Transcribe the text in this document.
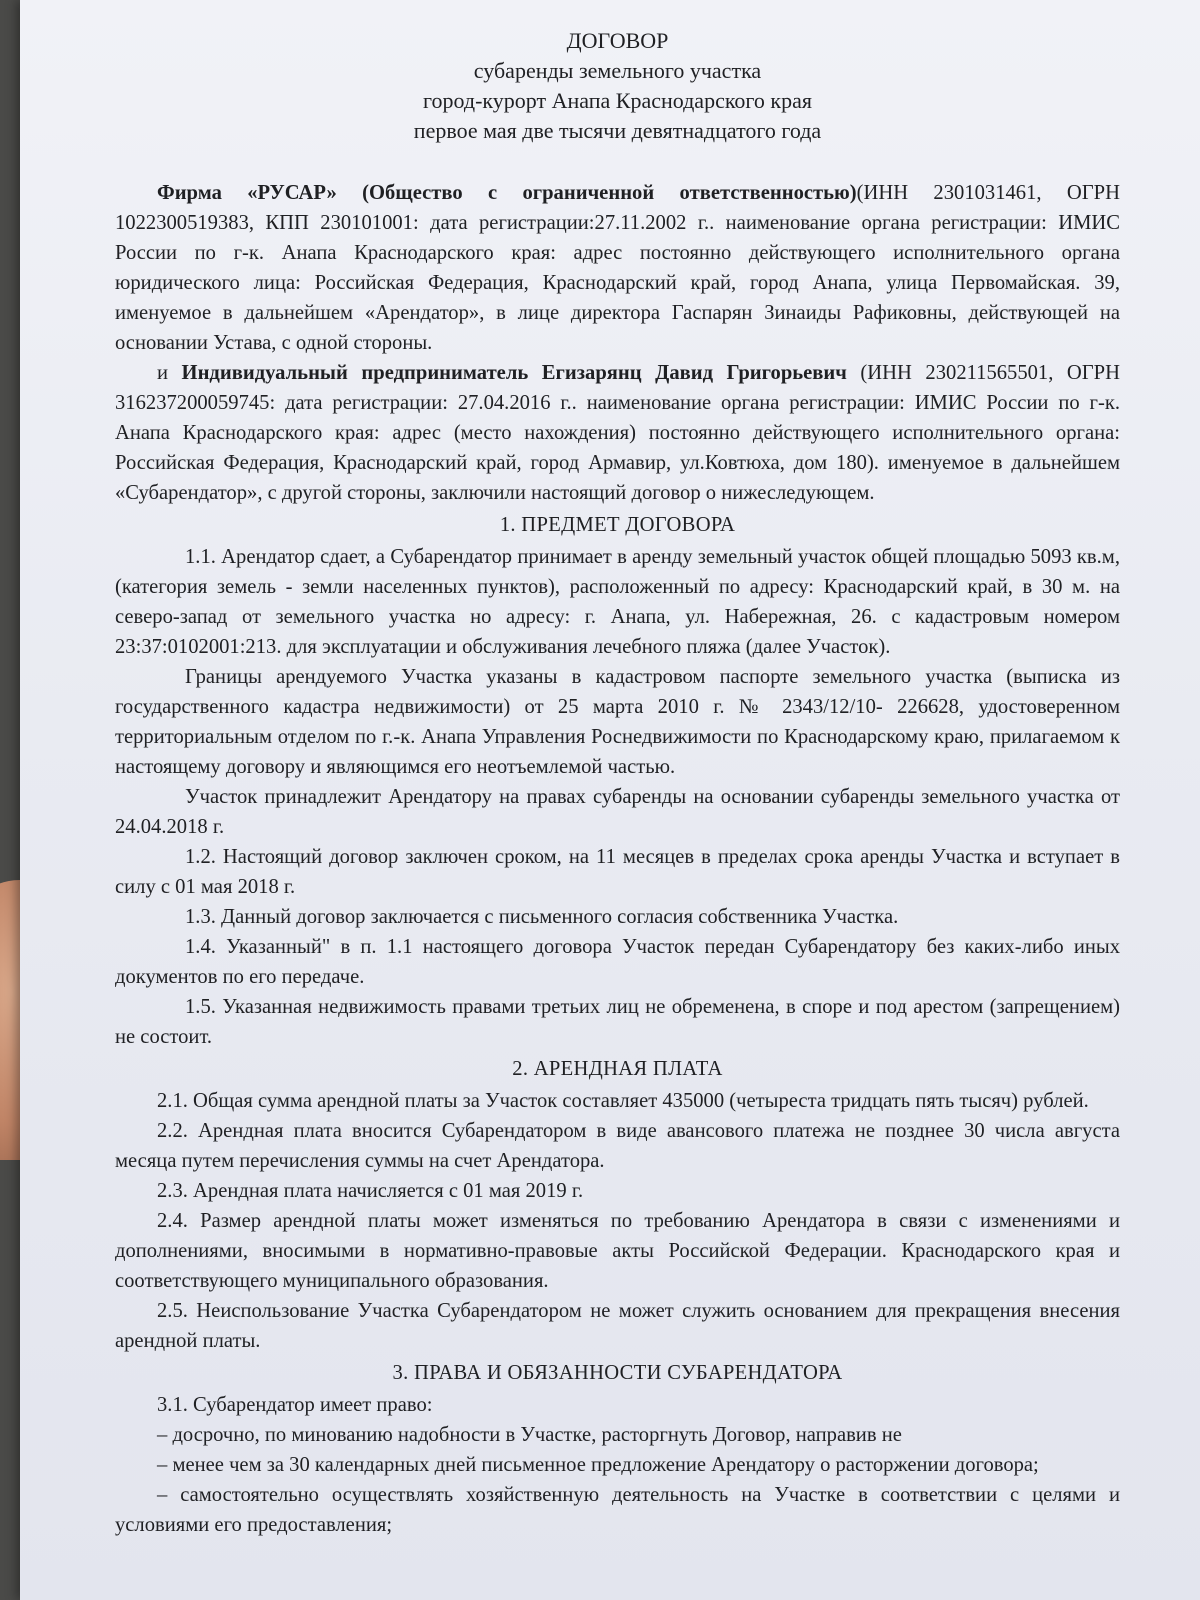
ДОГОВОР
субаренды земельного участка
город-курорт Анапа Краснодарского края
первое мая две тысячи девятнадцатого года

Фирма «РУСАР» (Общество с ограниченной ответственностью)(ИНН 2301031461, ОГРН 1022300519383, КПП 230101001: дата регистрации:27.11.2002 г.. наименование органа регистрации: ИМИС России по г-к. Анапа Краснодарского края: адрес постоянно действующего исполнительного органа юридического лица: Российская Федерация, Краснодарский край, город Анапа, улица Первомайская. 39, именуемое в дальнейшем «Арендатор», в лице директора Гаспарян Зинаиды Рафиковны, действующей на основании Устава, с одной стороны.

и Индивидуальный предприниматель Егизарянц Давид Григорьевич (ИНН 230211565501, ОГРН 316237200059745: дата регистрации: 27.04.2016 г.. наименование органа регистрации: ИМИС России по г-к. Анапа Краснодарского края: адрес (место нахождения) постоянно действующего исполнительного органа: Российская Федерация, Краснодарский край, город Армавир, ул.Ковтюха, дом 180). именуемое в дальнейшем «Субарендатор», с другой стороны, заключили настоящий договор о нижеследующем.

1. ПРЕДМЕТ ДОГОВОРА

1.1. Арендатор сдает, а Субарендатор принимает в аренду земельный участок общей площадью 5093 кв.м, (категория земель - земли населенных пунктов), расположенный по адресу: Краснодарский край, в 30 м. на северо-запад от земельного участка но адресу: г. Анапа, ул. Набережная, 26. с кадастровым номером 23:37:0102001:213. для эксплуатации и обслуживания лечебного пляжа (далее Участок).

Границы арендуемого Участка указаны в кадастровом паспорте земельного участка (выписка из государственного кадастра недвижимости) от 25 марта 2010 г. № 2343/12/10- 226628, удостоверенном территориальным отделом по г.-к. Анапа Управления Роснедвижимости по Краснодарскому краю, прилагаемом к настоящему договору и являющимся его неотъемлемой частью.

Участок принадлежит Арендатору на правах субаренды на основании субаренды земельного участка от 24.04.2018 г.

1.2. Настоящий договор заключен сроком, на 11 месяцев в пределах срока аренды Участка и вступает в силу с 01 мая 2018 г.

1.3. Данный договор заключается с письменного согласия собственника Участка.

1.4. Указанный" в п. 1.1 настоящего договора Участок передан Субарендатору без каких-либо иных документов по его передаче.

1.5. Указанная недвижимость правами третьих лиц не обременена, в споре и под арестом (запрещением) не состоит.

2. АРЕНДНАЯ ПЛАТА

2.1. Общая сумма арендной платы за Участок составляет 435000 (четыреста тридцать пять тысяч) рублей.

2.2. Арендная плата вносится Субарендатором в виде авансового платежа не позднее 30 числа августа месяца путем перечисления суммы на счет Арендатора.

2.3. Арендная плата начисляется с 01 мая 2019 г.

2.4. Размер арендной платы может изменяться по требованию Арендатора в связи с изменениями и дополнениями, вносимыми в нормативно-правовые акты Российской Федерации. Краснодарского края и соответствующего муниципального образования.

2.5. Неиспользование Участка Субарендатором не может служить основанием для прекращения внесения арендной платы.

3. ПРАВА И ОБЯЗАННОСТИ СУБАРЕНДАТОРА

3.1. Субарендатор имеет право:

– досрочно, по минованию надобности в Участке, расторгнуть Договор, направив не

– менее чем за 30 календарных дней письменное предложение Арендатору о расторжении договора;

– самостоятельно осуществлять хозяйственную деятельность на Участке в соответствии с целями и условиями его предоставления;
